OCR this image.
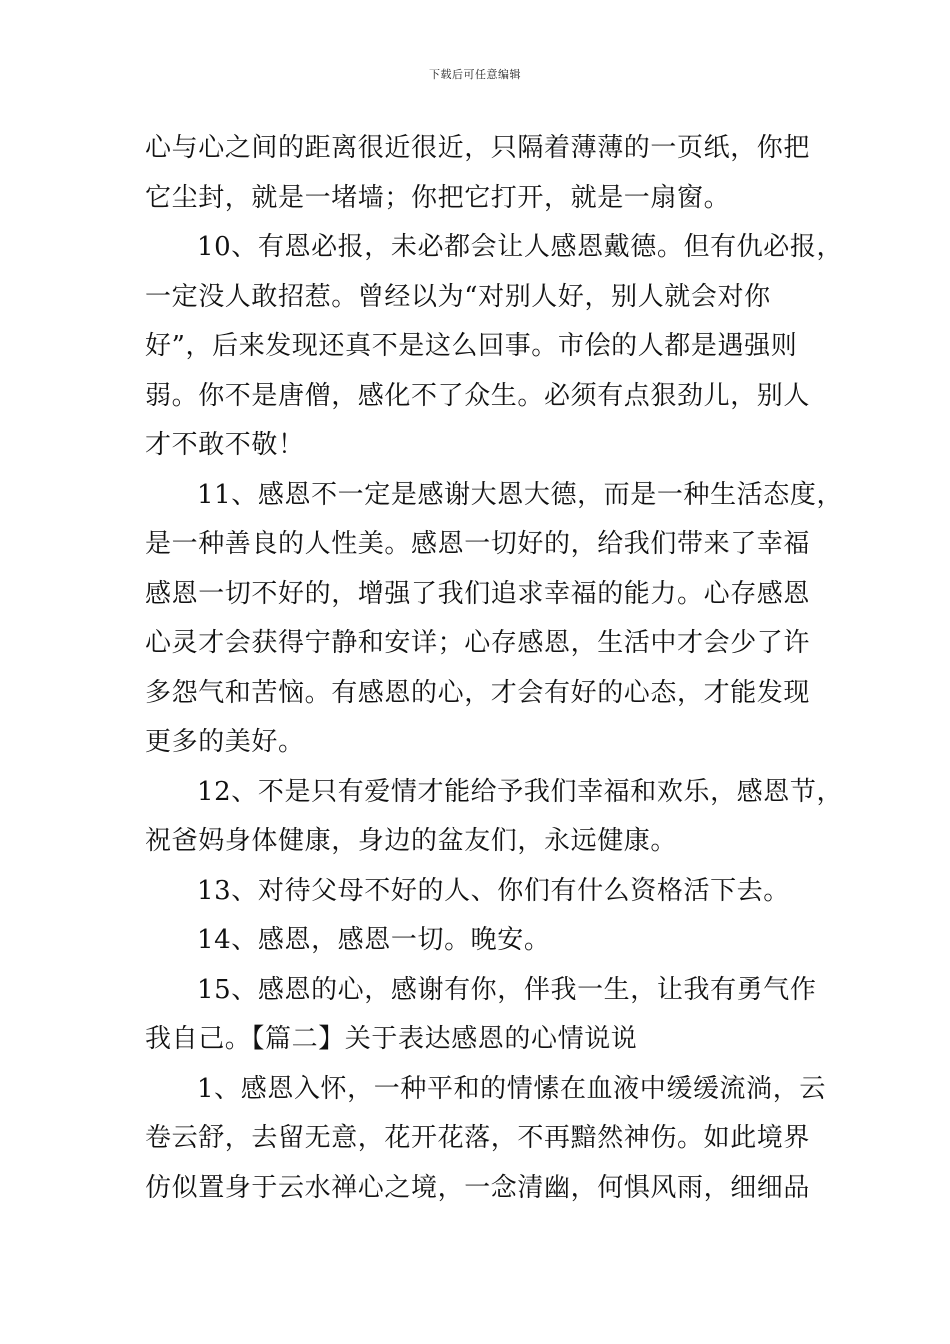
下载后可任意编辑
心与心之间的距离很近很近，只隔着薄薄的一页纸，你把
它尘封，就是一堵墙；你把它打开，就是一扇窗。
10、有恩必报，未必都会让人感恩戴德。但有仇必报，
一定没人敢招惹。曾经以为“对别人好，别人就会对你
好”，后来发现还真不是这么回事。市侩的人都是遇强则
弱。你不是唐僧，感化不了众生。必须有点狠劲儿，别人
才不敢不敬！
11、感恩不一定是感谢大恩大德，而是一种生活态度，
是一种善良的人性美。感恩一切好的，给我们带来了幸福
感恩一切不好的，增强了我们追求幸福的能力。心存感恩
心灵才会获得宁静和安详；心存感恩，生活中才会少了许
多怨气和苦恼。有感恩的心，才会有好的心态，才能发现
更多的美好。
12、不是只有爱情才能给予我们幸福和欢乐，感恩节，
祝爸妈身体健康，身边的盆友们，永远健康。
13、对待父母不好的人、你们有什么资格活下去。
14、感恩，感恩一切。晚安。
15、感恩的心，感谢有你，伴我一生，让我有勇气作
我自己。【篇二】关于表达感恩的心情说说
1、感恩入怀，一种平和的情愫在血液中缓缓流淌，云
卷云舒，去留无意，花开花落，不再黯然神伤。如此境界
仿似置身于云水禅心之境，一念清幽，何惧风雨，细细品
